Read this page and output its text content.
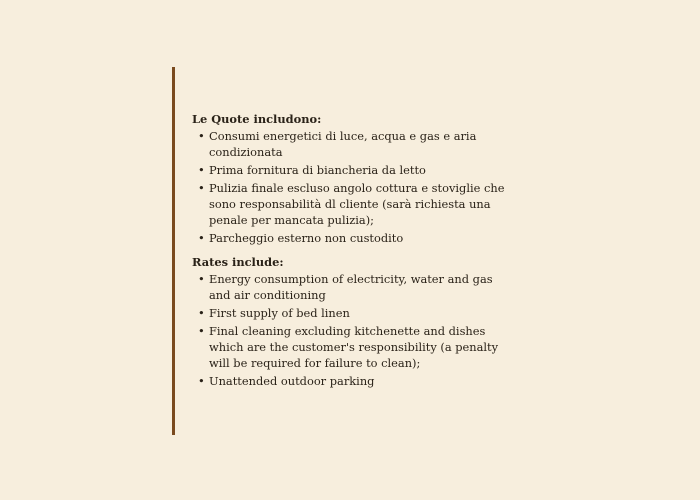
Le Quote includono:
• Consumi energetici di luce, acqua e gas e aria condizionata
• Prima fornitura di biancheria da letto
• Pulizia finale escluso angolo cottura e stoviglie che sono responsabilità dl cliente (sarà richiesta una penale per mancata pulizia);
• Parcheggio esterno non custodito
Rates include:
• Energy consumption of electricity, water and gas and air conditioning
• First supply of bed linen
• Final cleaning excluding kitchenette and dishes which are the customer's responsibility (a penalty will be required for failure to clean);
• Unattended outdoor parking
